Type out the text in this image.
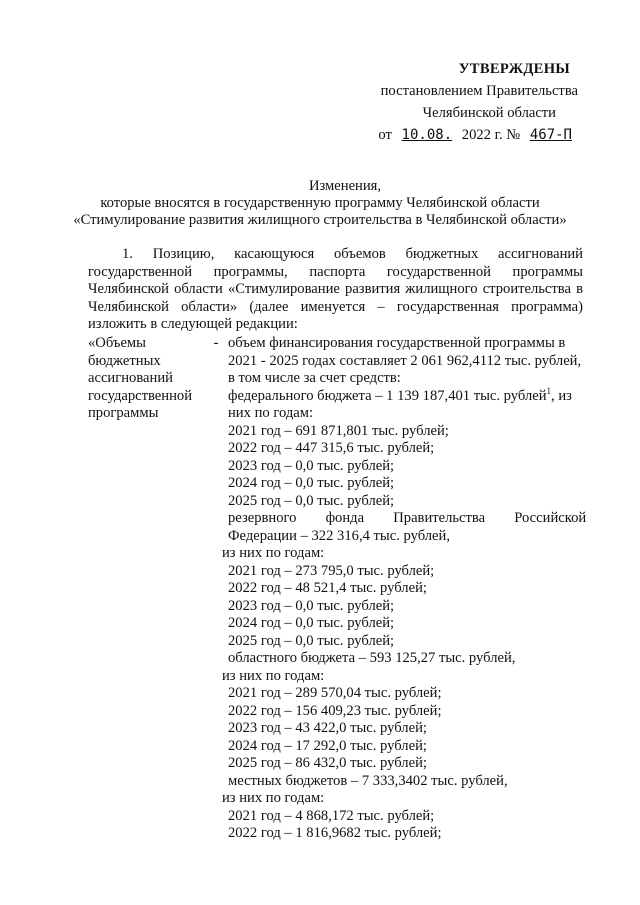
УТВЕРЖДЕНЫ
постановлением Правительства
Челябинской области
от 10.08. 2022 г. № 467-П
Изменения,
которые вносятся в государственную программу Челябинской области
«Стимулирование развития жилищного строительства в Челябинской области»
1.    Позицию,    касающуюся    объемов    бюджетных    ассигнований
государственной    программы,    паспорта    государственной    программы
Челябинской области «Стимулирование развития жилищного строительства в
Челябинской области» (далее именуется – государственная программа)
изложить в следующей редакции:
«Объемы
бюджетных
ассигнований
государственной
программы
- объем финансирования государственной программы в
2021 - 2025 годах составляет 2 061 962,4112 тыс. рублей,
в том числе за счет средств:
федерального бюджета – 1 139 187,401 тыс. рублей$^1$, из
них по годам:
2021 год – 691 871,801 тыс. рублей;
2022 год – 447 315,6 тыс. рублей;
2023 год – 0,0 тыс. рублей;
2024 год – 0,0 тыс. рублей;
2025 год – 0,0 тыс. рублей;
резервного        фонда        Правительства        Российской
Федерации – 322 316,4 тыс. рублей,
из них по годам:
2021 год – 273 795,0 тыс. рублей;
2022 год – 48 521,4 тыс. рублей;
2023 год – 0,0 тыс. рублей;
2024 год – 0,0 тыс. рублей;
2025 год – 0,0 тыс. рублей;
областного бюджета – 593 125,27 тыс. рублей,
из них по годам:
2021 год – 289 570,04 тыс. рублей;
2022 год – 156 409,23 тыс. рублей;
2023 год – 43 422,0 тыс. рублей;
2024 год – 17 292,0 тыс. рублей;
2025 год – 86 432,0 тыс. рублей;
местных бюджетов – 7 333,3402 тыс. рублей,
из них по годам:
2021 год – 4 868,172 тыс. рублей;
2022 год – 1 816,9682 тыс. рублей;
